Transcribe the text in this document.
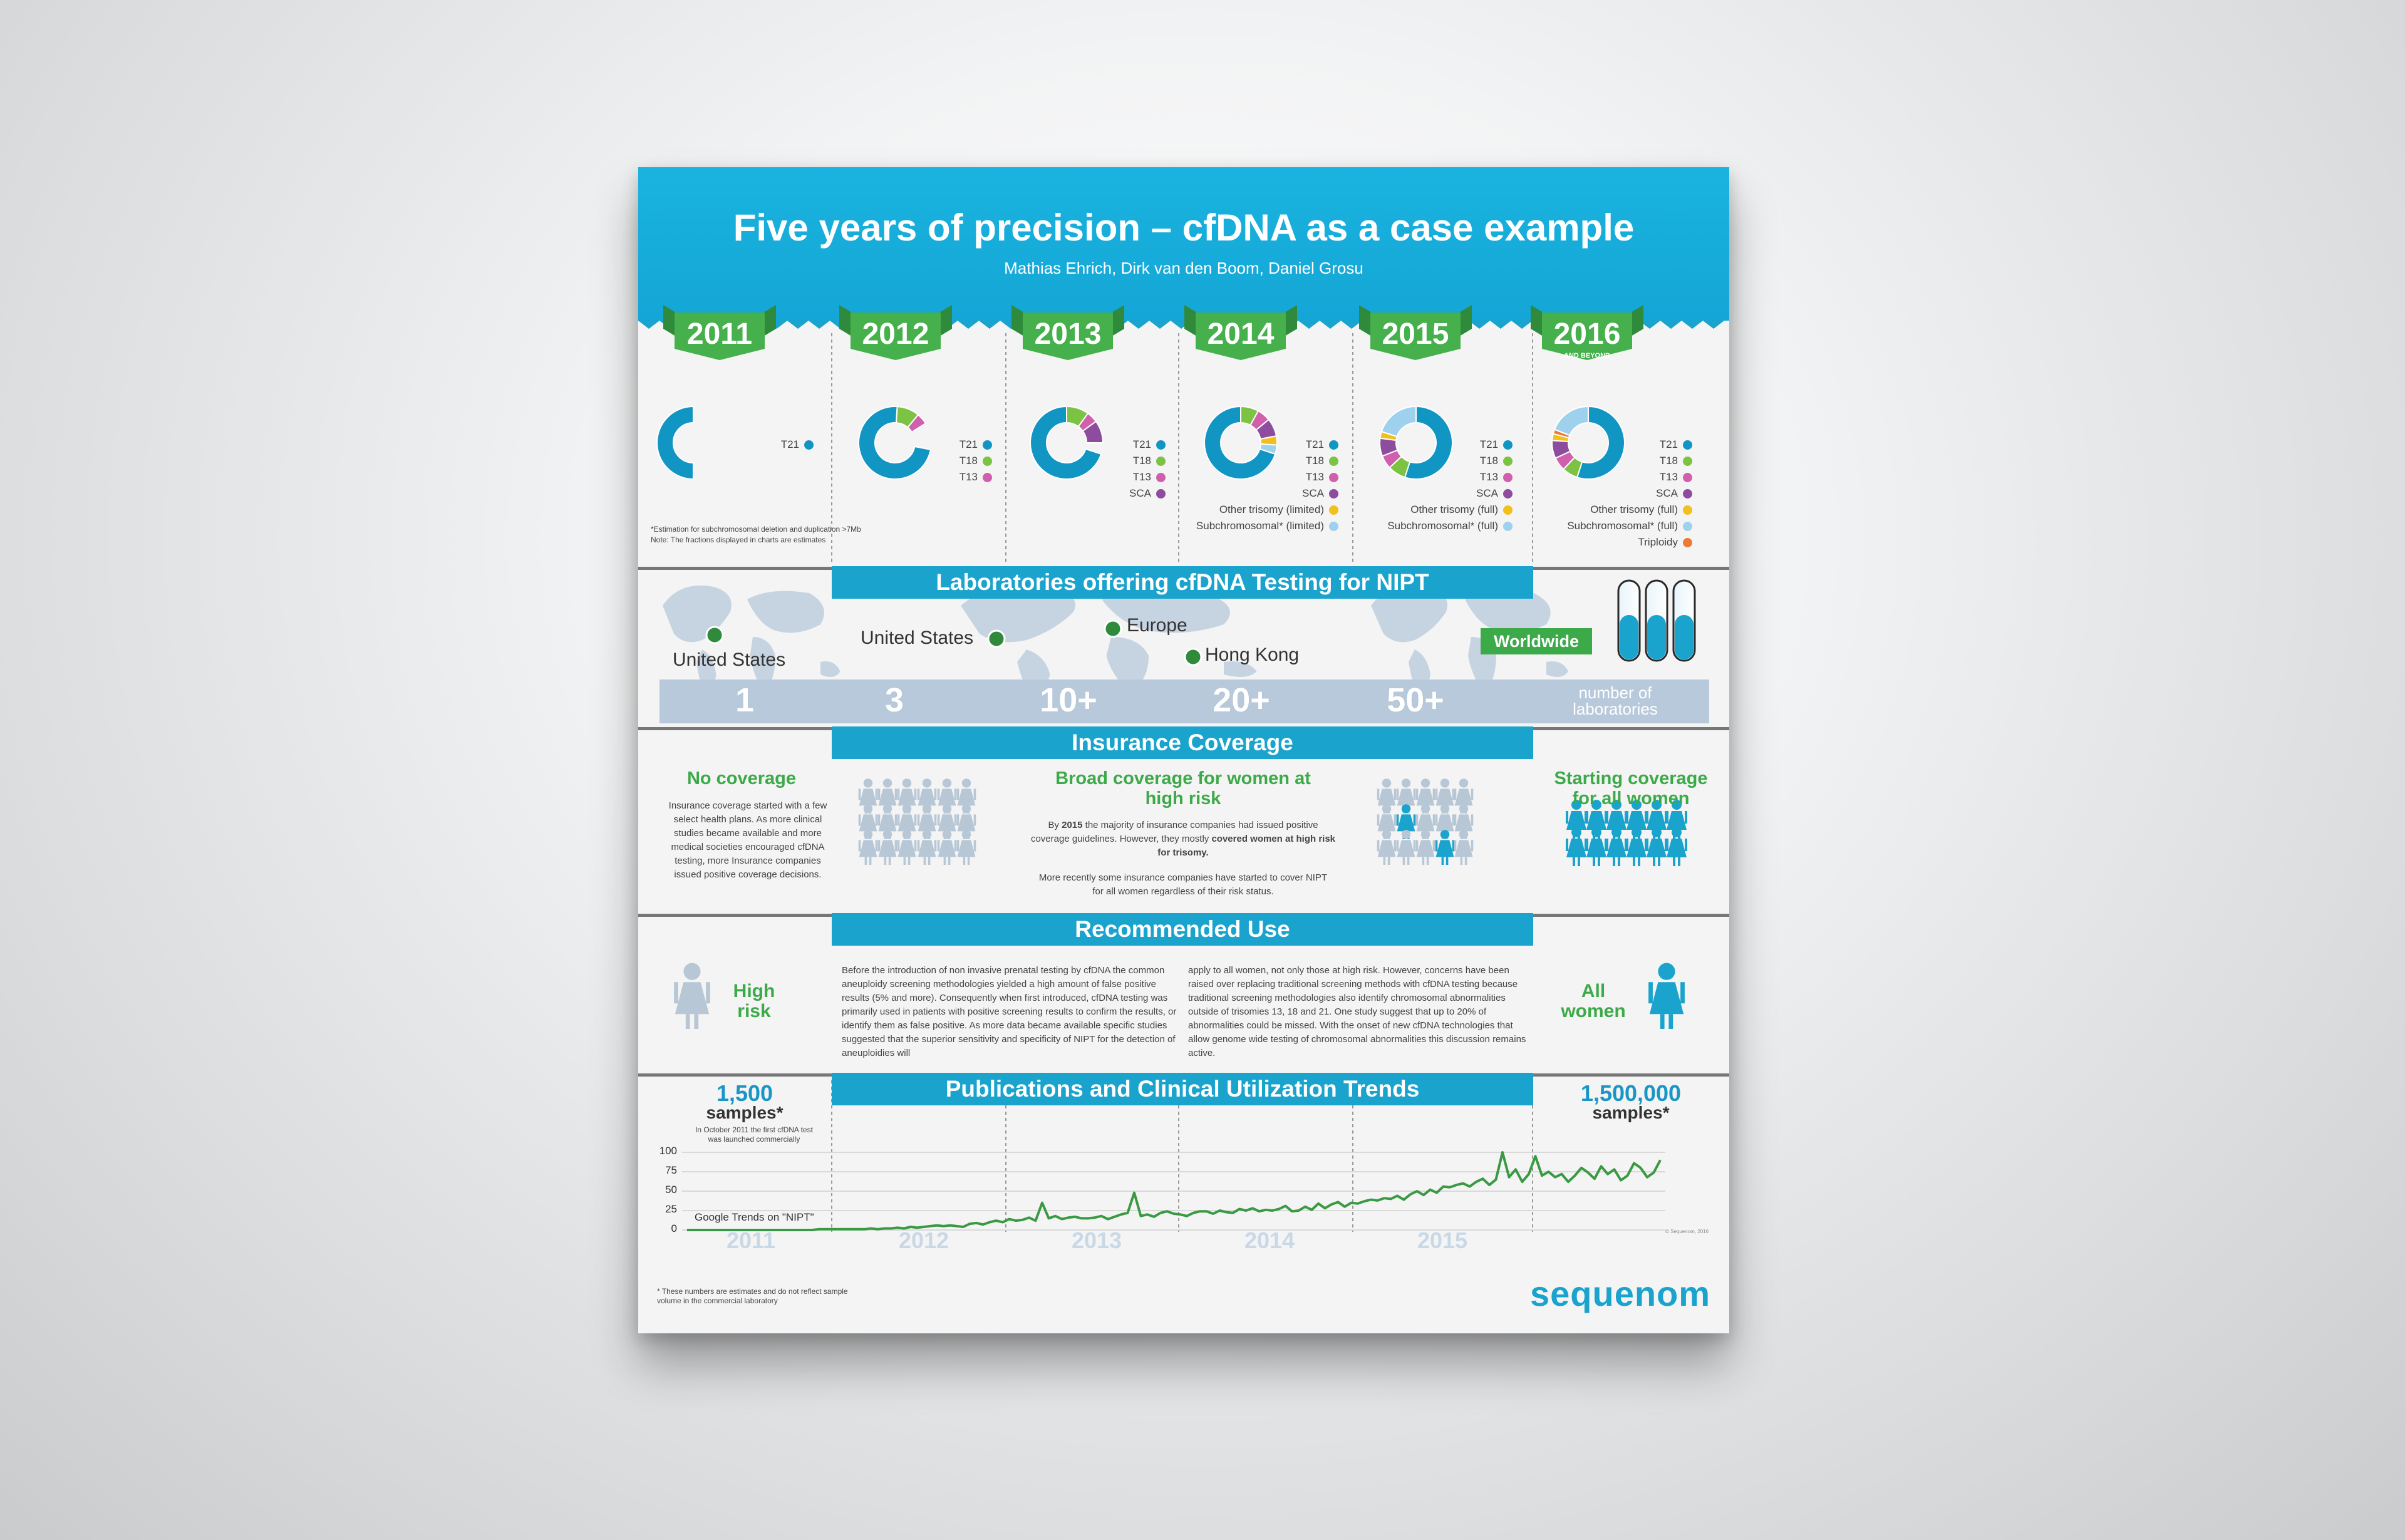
Five years of precision – cfDNA as a case example
Mathias Ehrich, Dirk van den Boom, Daniel Grosu
2011	2012	2013	2014	2015	2016
AND BEYOND
T21	T21
T18
T13
T21
T18
T13
SCA
T21
T18
T13
SCA
Other trisomy (limited)
Subchromosomal* (limited)
T21
T18
T13
SCA
Other trisomy (full)
Subchromosomal* (full)
T21
T18
T13
SCA
Other trisomy (full)
Subchromosomal* (full)
Triploidy
*Estimation for subchromosomal deletion and duplication >7Mb
Note: The fractions displayed in charts are estimates
Laboratories offering cfDNA Testing for NIPT
United States
United States
Europe
Hong Kong
Worldwide
1	3	10+	20+	50+	number of laboratories
Insurance Coverage
No coverage
Insurance coverage started with a few select health plans. As more clinical studies became available and more medical societies encouraged cfDNA testing, more Insurance companies issued positive coverage decisions.
Broad coverage for women at high risk
By 2015 the majority of insurance companies had issued positive coverage guidelines. However, they mostly covered women at high risk for trisomy.
More recently some insurance companies have started to cover NIPT for all women regardless of their risk status.
Starting coverage for all women
Recommended Use
High risk
All women
Before the introduction of non invasive prenatal testing by cfDNA the common aneuploidy screening methodologies yielded a high amount of false positive results (5% and more). Consequently when first introduced, cfDNA testing was primarily used in patients with positive screening results to confirm the results, or identify them as false positive. As more data became available specific studies suggested that the superior sensitivity and specificity of NIPT for the detection of aneuploidies will
apply to all women, not only those at high risk. However, concerns have been raised over replacing traditional screening methods with cfDNA testing because traditional screening methodologies also identify chromosomal abnormalities outside of trisomies 13, 18 and 21. One study suggest that up to 20% of abnormalities could be missed. With the onset of new cfDNA technologies that allow genome wide testing of chromosomal abnormalities this discussion remains active.
Publications and Clinical Utilization Trends
1,500
samples*
In October 2011 the first cfDNA test was launched commercially
1,500,000
samples*
100
75
50
25
0
Google Trends on "NIPT"
© Sequenom, 2016
2011	2012	2013	2014	2015
* These numbers are estimates and do not reflect sample volume in the commercial laboratory	sequenom
